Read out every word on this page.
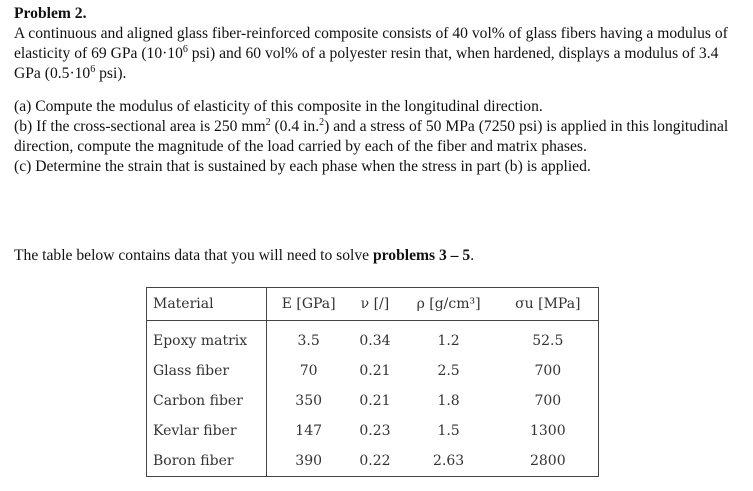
Problem 2.

A continuous and aligned glass fiber-reinforced composite consists of 40 vol% of glass fibers having a modulus of elasticity of 69 GPa ($10\cdot 10^6$ psi) and 60 vol% of a polyester resin that, when hardened, displays a modulus of 3.4 GPa ($0.5\cdot 10^6$ psi).

(a) Compute the modulus of elasticity of this composite in the longitudinal direction.

(b) If the cross-sectional area is 250 $mm^2$ (0.4 in.$^2$) and a stress of 50 MPa (7250 psi) is applied in this longitudinal direction, compute the magnitude of the load carried by each of the fiber and matrix phases.

(c) Determine the strain that is sustained by each phase when the stress in part (b) is applied.

The table below contains data that you will need to solve problems 3 – 5.

Material	E [GPa]	ν [/]	ρ [g/cm³]	σu [MPa]
Epoxy matrix	3.5	0.34	1.2	52.5
Glass fiber	70	0.21	2.5	700
Carbon fiber	350	0.21	1.8	700
Kevlar fiber	147	0.23	1.5	1300
Boron fiber	390	0.22	2.63	2800
